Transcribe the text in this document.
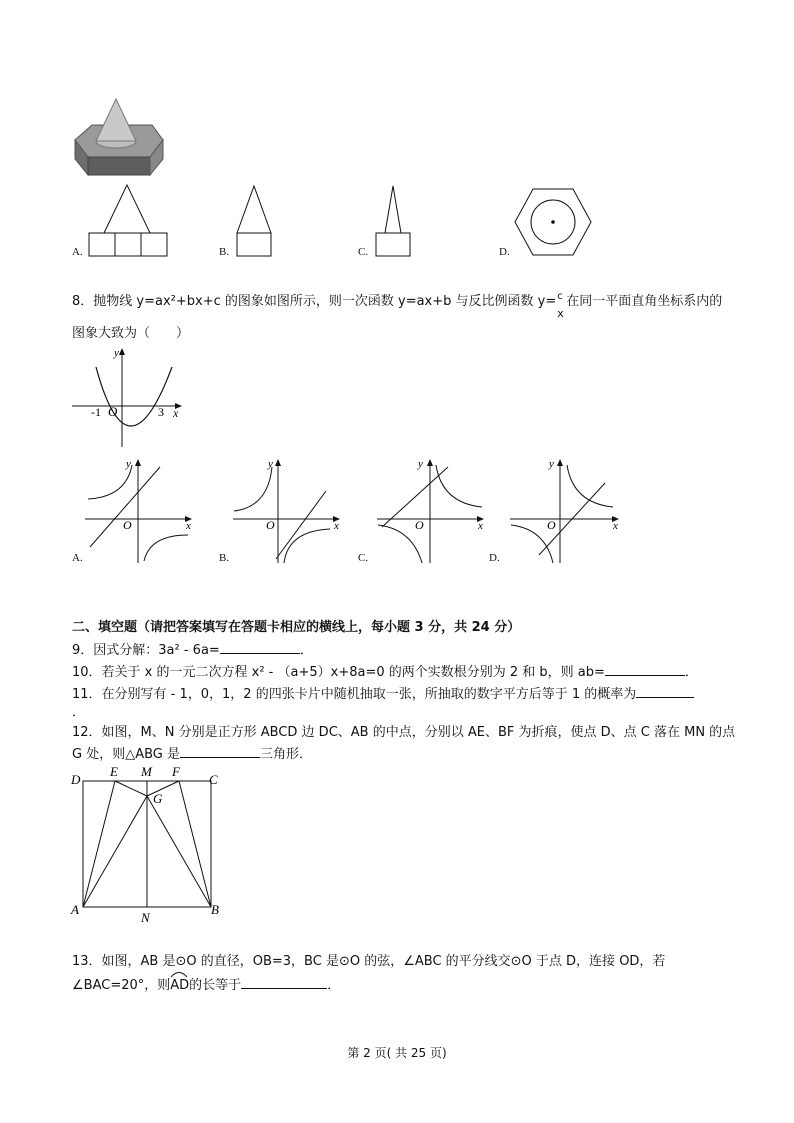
A.	B.	C.	D.
8．抛物线 y=ax²+bx+c 的图象如图所示，则一次函数 y=ax+b 与反比例函数 y= c
x
在同一平面直角坐标系内的
图象大致为（　　）
y
x
O
-1	3
y
x
O
A.
y
x
O
B.
y
x
O
C.
y
x
O
D.
二、填空题（请把答案填写在答题卡相应的横线上，每小题 3 分，共 24 分）
9．因式分解：3a² - 6a=	．
10．若关于 x 的一元二次方程 x² - （a+5）x+8a=0 的两个实数根分别为 2 和 b，则 ab=	．
11．在分别写有 - 1，0，1，2 的四张卡片中随机抽取一张，所抽取的数字平方后等于 1 的概率为
．
12．如图，M、N 分别是正方形 ABCD 边 DC、AB 的中点，分别以 AE、BF 为折痕，使点 D、点 C 落在 MN 的点
G 处，则△ABG 是	三角形．
D
E M F
C
G
A
N
B
13．如图，AB 是⊙O 的直径，OB=3，BC 是⊙O 的弦，∠ABC 的平分线交⊙O 于点 D，连接 OD，若
∠BAC=20°，则
AD的长等于	．
第 2 页( 共 25 页)
